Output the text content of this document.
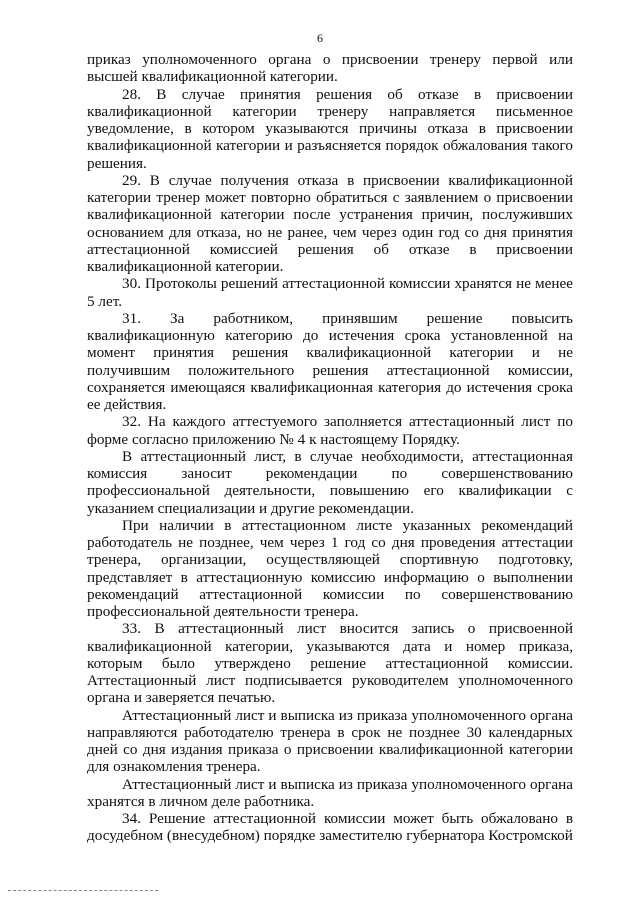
6

приказ уполномоченного органа о присвоении тренеру первой или высшей квалификационной категории.

28. В случае принятия решения об отказе в присвоении квалификационной категории тренеру направляется письменное уведомление, в котором указываются причины отказа в присвоении квалификационной категории и разъясняется порядок обжалования такого решения.

29. В случае получения отказа в присвоении квалификационной категории тренер может повторно обратиться с заявлением о присвоении квалификационной категории после устранения причин, послуживших основанием для отказа, но не ранее, чем через один год со дня принятия аттестационной комиссией решения об отказе в присвоении квалификационной категории.

30. Протоколы решений аттестационной комиссии хранятся не менее 5 лет.

31. За работником, принявшим решение повысить квалификационную категорию до истечения срока установленной на момент принятия решения квалификационной категории и не получившим положительного решения аттестационной комиссии, сохраняется имеющаяся квалификационная категория до истечения срока ее действия.

32. На каждого аттестуемого заполняется аттестационный лист по форме согласно приложению № 4 к настоящему Порядку.

В аттестационный лист, в случае необходимости, аттестационная комиссия заносит рекомендации по совершенствованию профессиональной деятельности, повышению его квалификации с указанием специализации и другие рекомендации.

При наличии в аттестационном листе указанных рекомендаций работодатель не позднее, чем через 1 год со дня проведения аттестации тренера, организации, осуществляющей спортивную подготовку, представляет в аттестационную комиссию информацию о выполнении рекомендаций аттестационной комиссии по совершенствованию профессиональной деятельности тренера.

33. В аттестационный лист вносится запись о присвоенной квалификационной категории, указываются дата и номер приказа, которым было утверждено решение аттестационной комиссии. Аттестационный лист подписывается руководителем уполномоченного органа и заверяется печатью.

Аттестационный лист и выписка из приказа уполномоченного органа направляются работодателю тренера в срок не позднее 30 календарных дней со дня издания приказа о присвоении квалификационной категории для ознакомления тренера.

Аттестационный лист и выписка из приказа уполномоченного органа хранятся в личном деле работника.

34. Решение аттестационной комиссии может быть обжаловано в досудебном (внесудебном) порядке заместителю губернатора Костромской
